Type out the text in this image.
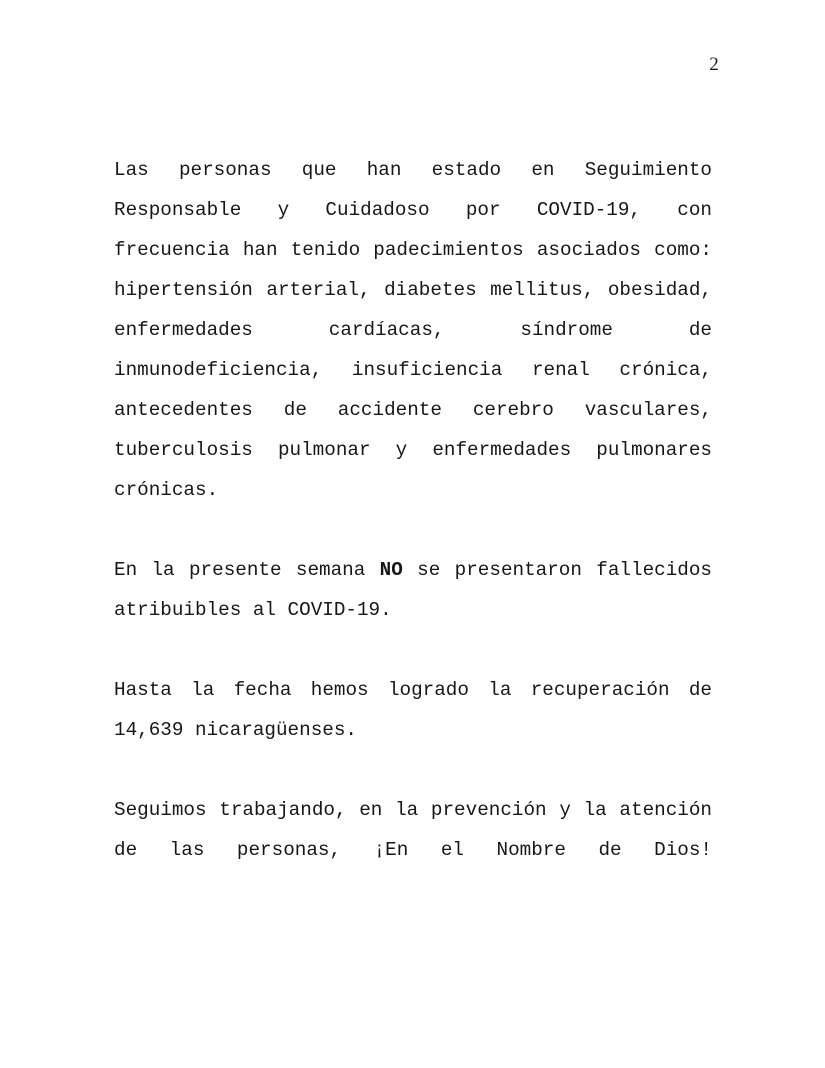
2

Las personas que han estado en Seguimiento Responsable y Cuidadoso por COVID-19, con frecuencia han tenido padecimientos asociados como: hipertensión arterial, diabetes mellitus, obesidad, enfermedades cardíacas, síndrome de inmunodeficiencia, insuficiencia renal crónica, antecedentes de accidente cerebro vasculares, tuberculosis pulmonar y enfermedades pulmonares crónicas.

En la presente semana NO se presentaron fallecidos atribuibles al COVID-19.

Hasta la fecha hemos logrado la recuperación de 14,639 nicaragüenses.

Seguimos trabajando, en la prevención y la atención de las personas, ¡En el Nombre de Dios!
